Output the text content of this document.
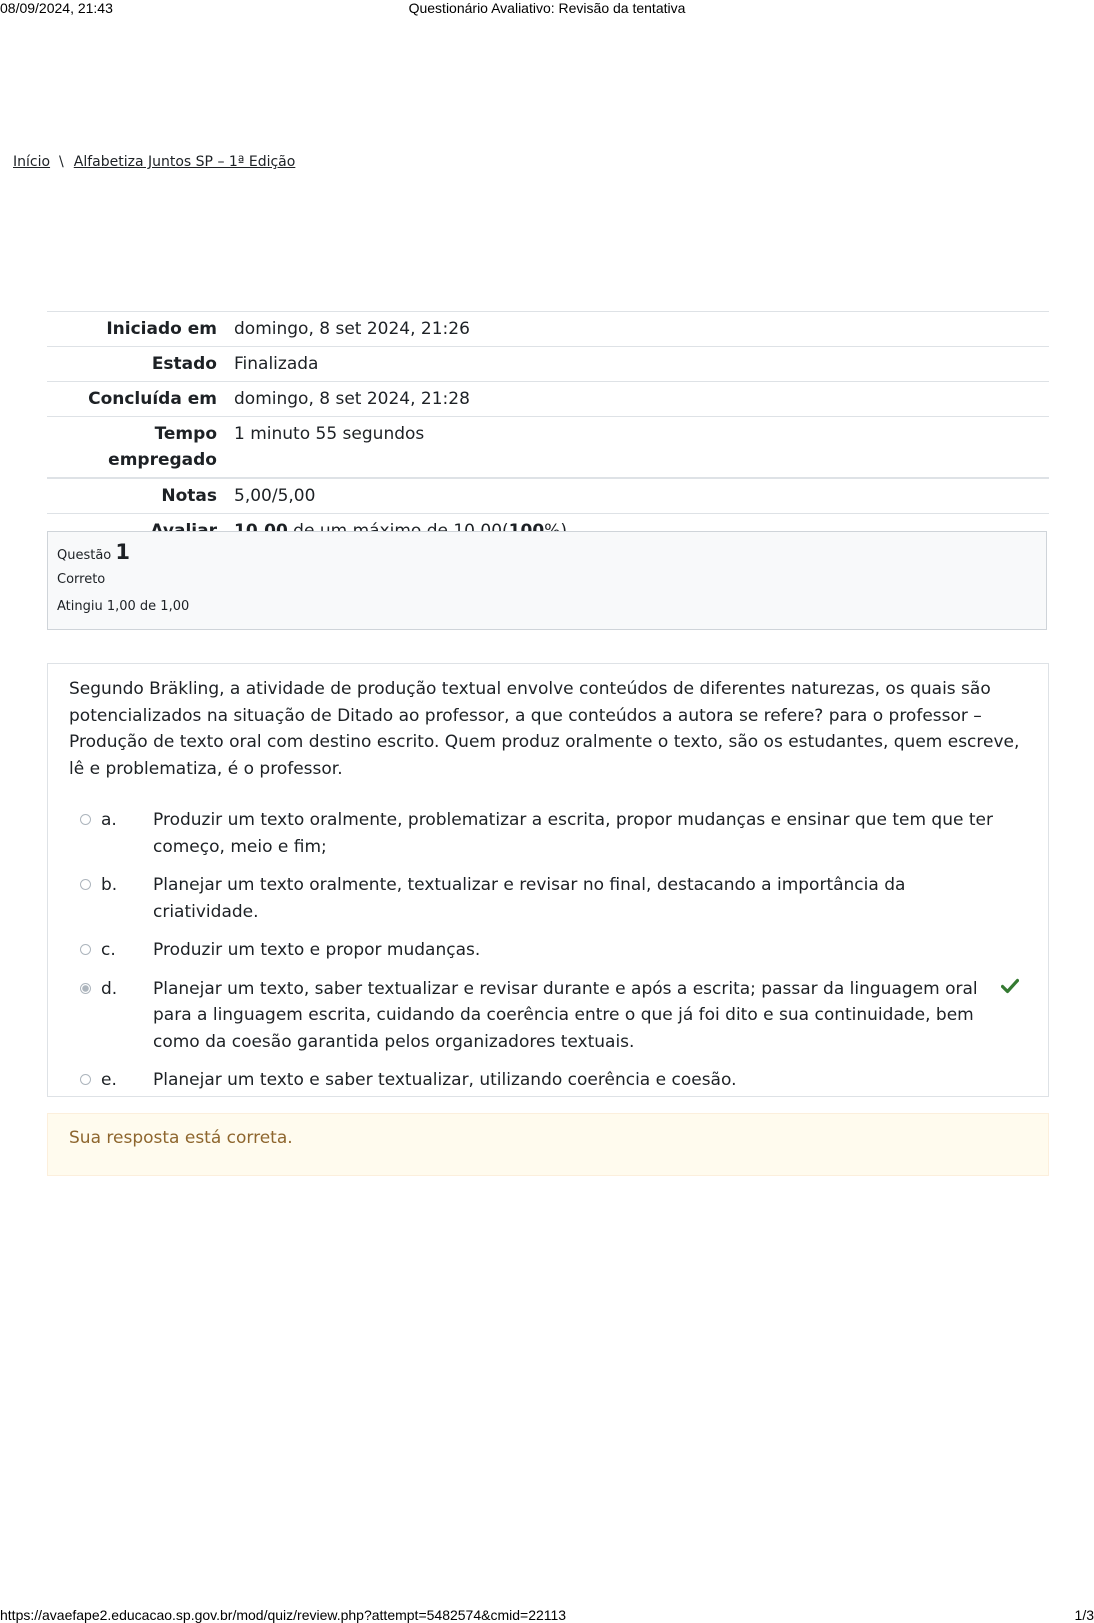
08/09/2024, 21:43	Questionário Avaliativo: Revisão da tentativa
Início \ Alfabetiza Juntos SP – 1ª Edição
Iniciado em	domingo, 8 set 2024, 21:26
Estado	Finalizada
Concluída em	domingo, 8 set 2024, 21:28
Tempo empregado	1 minuto 55 segundos
Notas	5,00/5,00

Questão 1
Correto
Atingiu 1,00 de 1,00
Segundo Bräkling, a atividade de produção textual envolve conteúdos de diferentes naturezas, os quais são potencializados na situação de Ditado ao professor, a que conteúdos a autora se refere? para o professor – Produção de texto oral com destino escrito. Quem produz oralmente o texto, são os estudantes, quem escreve, lê e problematiza, é o professor.
a. Produzir um texto oralmente, problematizar a escrita, propor mudanças e ensinar que tem que ter começo, meio e fim;
b. Planejar um texto oralmente, textualizar e revisar no final, destacando a importância da criatividade.
c. Produzir um texto e propor mudanças.
d. Planejar um texto, saber textualizar e revisar durante e após a escrita; passar da linguagem oral para a linguagem escrita, cuidando da coerência entre o que já foi dito e sua continuidade, bem como da coesão garantida pelos organizadores textuais.
e. Planejar um texto e saber textualizar, utilizando coerência e coesão.
Sua resposta está correta.
https://avaefape2.educacao.sp.gov.br/mod/quiz/review.php?attempt=5482574&cmid=22113	1/3
